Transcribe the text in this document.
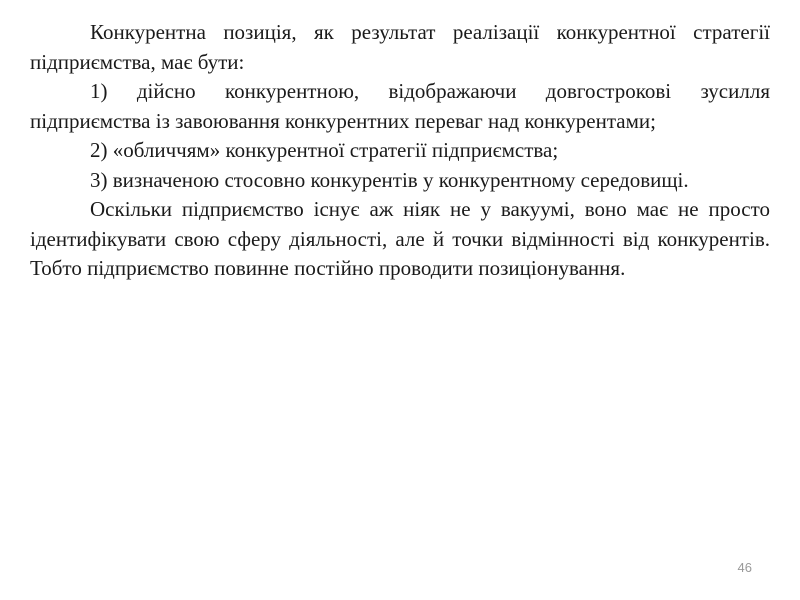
Конкурентна позиція, як результат реалізації конкурентної стратегії підприємства, має бути:

1) дійсно конкурентною, відображаючи довгострокові зусилля підприємства із завоювання конкурентних переваг над конкурентами;

2) «обличчям» конкурентної стратегії підприємства;

3) визначеною стосовно конкурентів у конкурентному середовищі.

Оскільки підприємство існує аж ніяк не у вакуумі, воно має не просто ідентифікувати свою сферу діяльності, але й точки відмінності від конкурентів. Тобто підприємство повинне постійно проводити позиціонування.

46
